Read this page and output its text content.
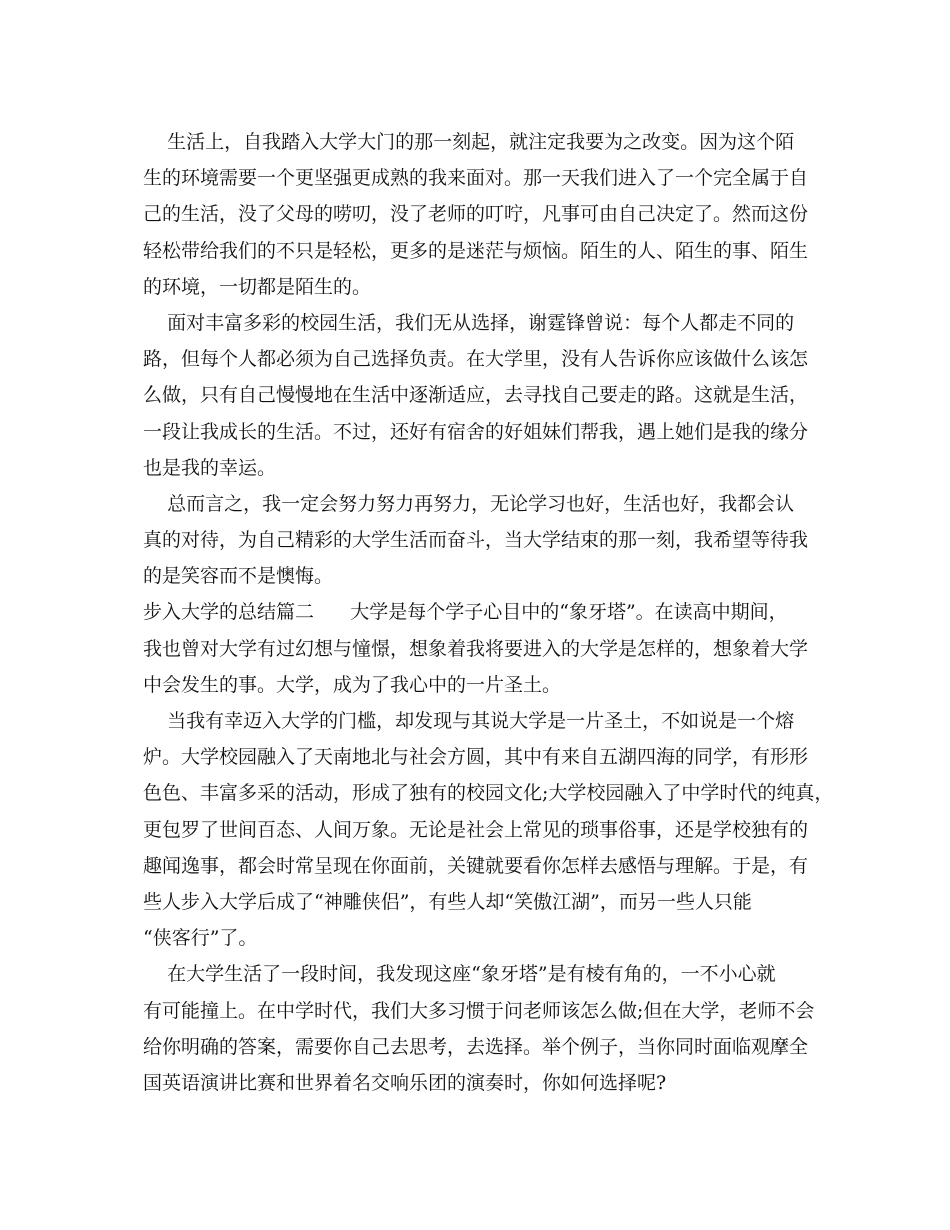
生活上，自我踏入大学大门的那一刻起，就注定我要为之改变。因为这个陌
生的环境需要一个更坚强更成熟的我来面对。那一天我们进入了一个完全属于自
己的生活，没了父母的唠叨，没了老师的叮咛，凡事可由自己决定了。然而这份
轻松带给我们的不只是轻松，更多的是迷茫与烦恼。陌生的人、陌生的事、陌生
的环境，一切都是陌生的。
面对丰富多彩的校园生活，我们无从选择，谢霆锋曾说：每个人都走不同的
路，但每个人都必须为自己选择负责。在大学里，没有人告诉你应该做什么该怎
么做，只有自己慢慢地在生活中逐渐适应，去寻找自己要走的路。这就是生活，
一段让我成长的生活。不过，还好有宿舍的好姐妹们帮我，遇上她们是我的缘分
也是我的幸运。
总而言之，我一定会努力努力再努力，无论学习也好，生活也好，我都会认
真的对待，为自己精彩的大学生活而奋斗，当大学结束的那一刻，我希望等待我
的是笑容而不是懊悔。
步入大学的总结篇二      大学是每个学子心目中的“象牙塔”。在读高中期间，
我也曾对大学有过幻想与憧憬，想象着我将要进入的大学是怎样的，想象着大学
中会发生的事。大学，成为了我心中的一片圣土。
当我有幸迈入大学的门槛，却发现与其说大学是一片圣土，不如说是一个熔
炉。大学校园融入了天南地北与社会方圆，其中有来自五湖四海的同学，有形形
色色、丰富多采的活动，形成了独有的校园文化;大学校园融入了中学时代的纯真，
更包罗了世间百态、人间万象。无论是社会上常见的琐事俗事，还是学校独有的
趣闻逸事，都会时常呈现在你面前，关键就要看你怎样去感悟与理解。于是，有
些人步入大学后成了“神雕侠侣”，有些人却“笑傲江湖”，而另一些人只能
“侠客行”了。
在大学生活了一段时间，我发现这座“象牙塔”是有棱有角的，一不小心就
有可能撞上。在中学时代，我们大多习惯于问老师该怎么做;但在大学，老师不会
给你明确的答案，需要你自己去思考，去选择。举个例子，当你同时面临观摩全
国英语演讲比赛和世界着名交响乐团的演奏时，你如何选择呢?
